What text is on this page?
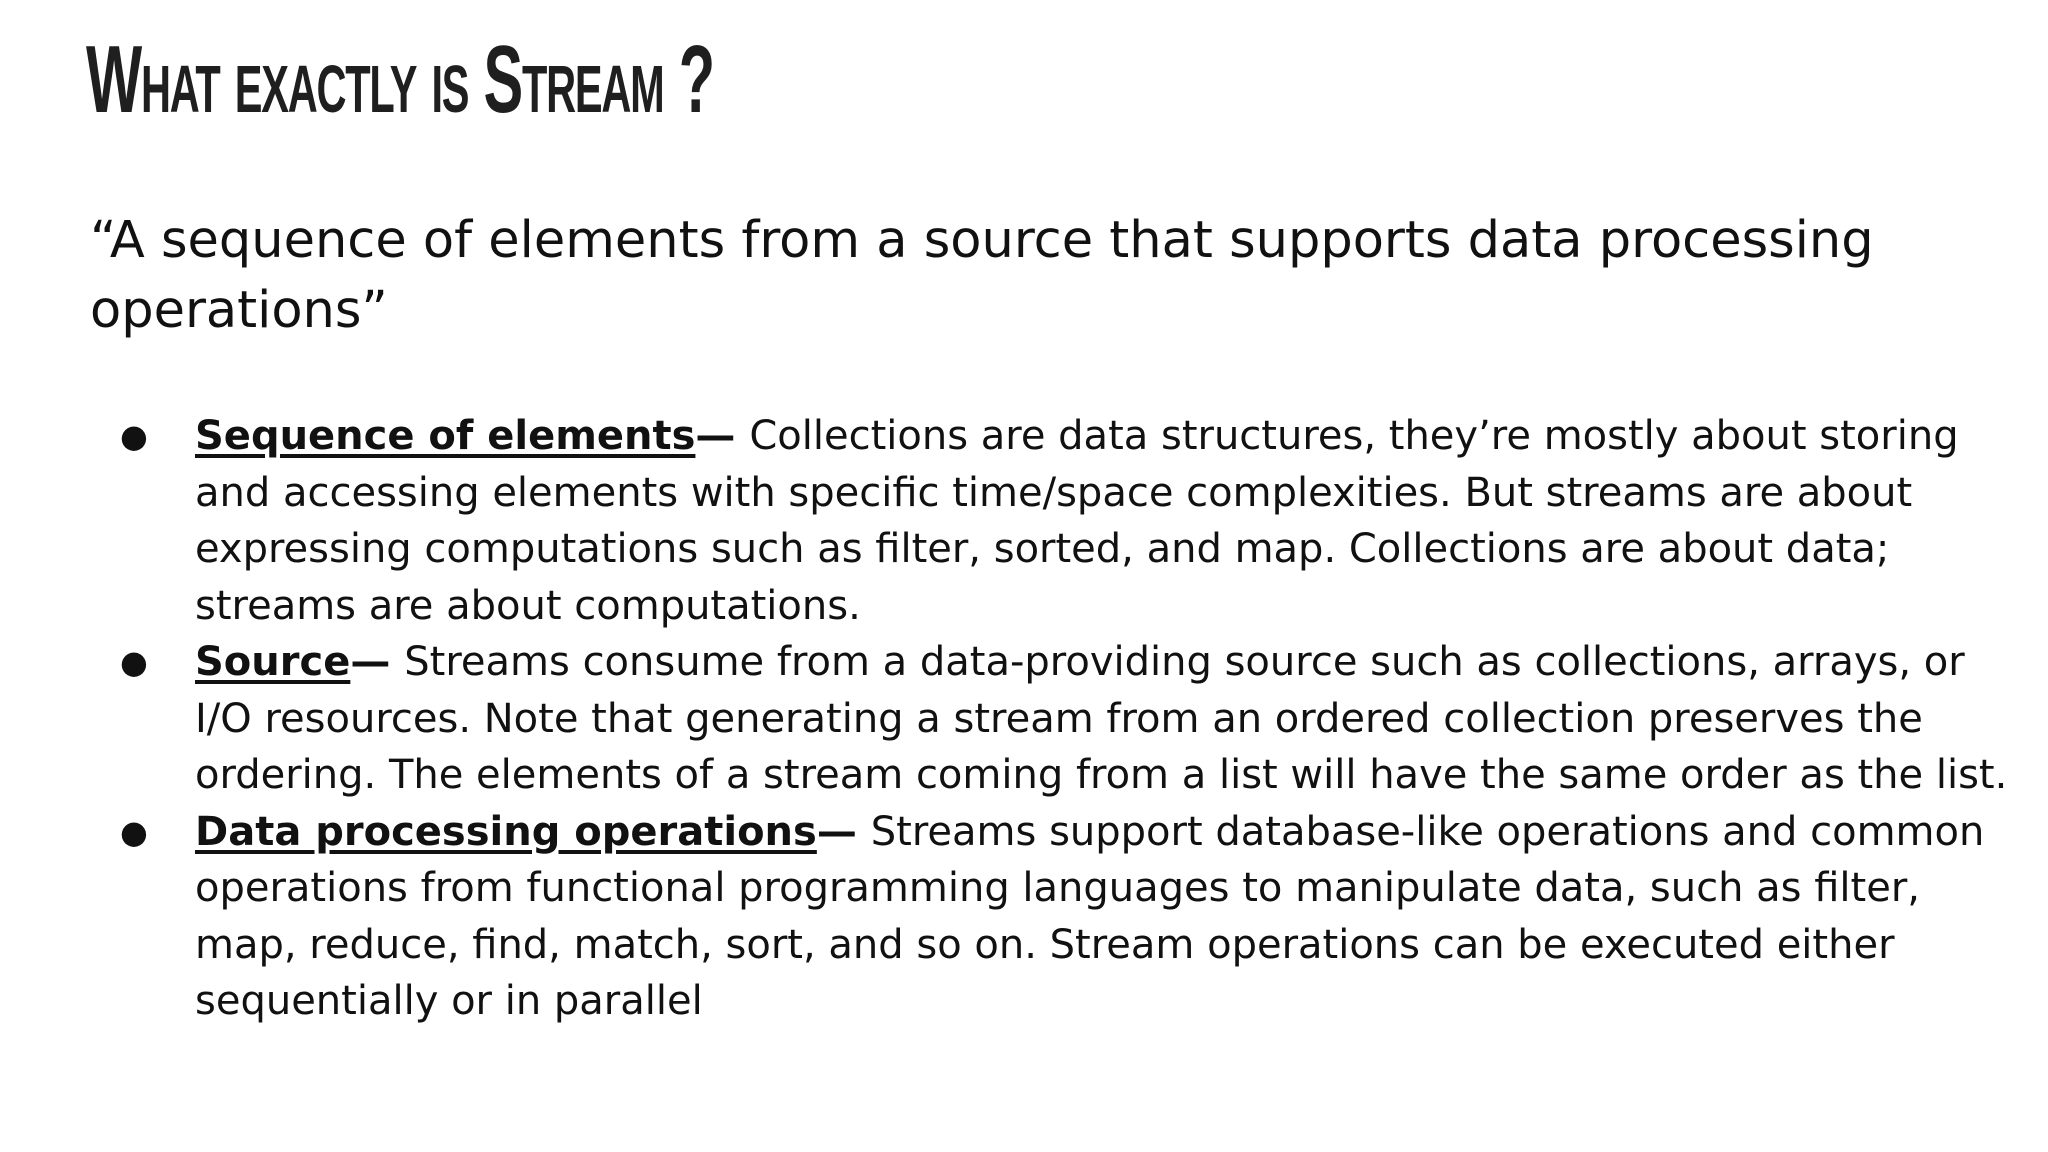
What exactly is Stream ?

“A sequence of elements from a source that supports data processing operations”

● Sequence of elements— Collections are data structures, they’re mostly about storing and accessing elements with specific time/space complexities. But streams are about expressing computations such as filter, sorted, and map. Collections are about data; streams are about computations.
● Source— Streams consume from a data-providing source such as collections, arrays, or I/O resources. Note that generating a stream from an ordered collection preserves the ordering. The elements of a stream coming from a list will have the same order as the list.
● Data processing operations— Streams support database-like operations and common operations from functional programming languages to manipulate data, such as filter, map, reduce, find, match, sort, and so on. Stream operations can be executed either sequentially or in parallel
